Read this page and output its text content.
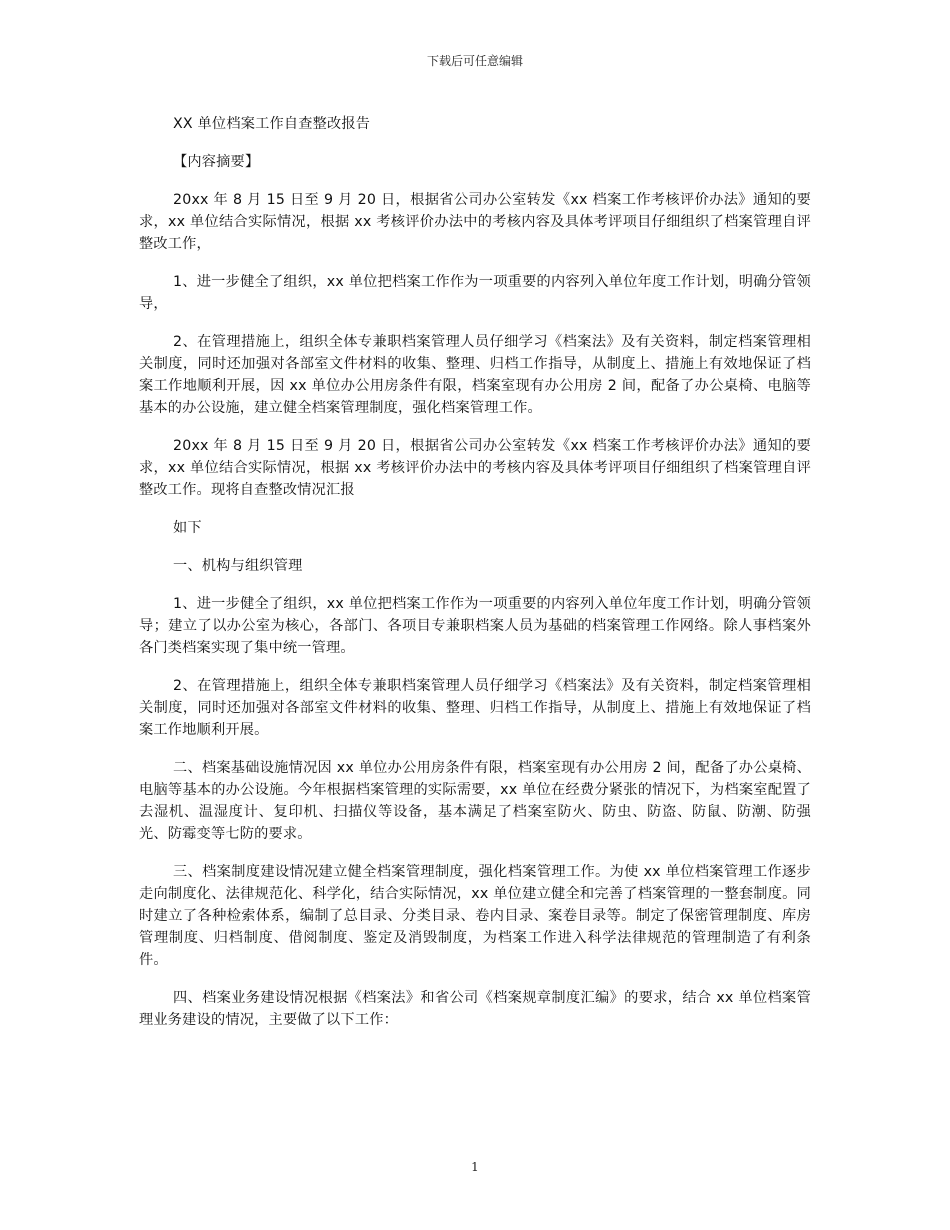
下载后可任意编辑
XX 单位档案工作自查整改报告
【内容摘要】
20xx 年 8 月 15 日至 9 月 20 日，根据省公司办公室转发《xx 档案工作考核评价办法》通知的要求，xx 单位结合实际情况，根据 xx 考核评价办法中的考核内容及具体考评项目仔细组织了档案管理自评整改工作，
1、进一步健全了组织，xx 单位把档案工作作为一项重要的内容列入单位年度工作计划，明确分管领导，
2、在管理措施上，组织全体专兼职档案管理人员仔细学习《档案法》及有关资料，制定档案管理相关制度，同时还加强对各部室文件材料的收集、整理、归档工作指导，从制度上、措施上有效地保证了档案工作地顺利开展，因 xx 单位办公用房条件有限，档案室现有办公用房 2 间，配备了办公桌椅、电脑等基本的办公设施，建立健全档案管理制度，强化档案管理工作。
20xx 年 8 月 15 日至 9 月 20 日，根据省公司办公室转发《xx 档案工作考核评价办法》通知的要求，xx 单位结合实际情况，根据 xx 考核评价办法中的考核内容及具体考评项目仔细组织了档案管理自评整改工作。现将自查整改情况汇报
如下
一、机构与组织管理
1、进一步健全了组织，xx 单位把档案工作作为一项重要的内容列入单位年度工作计划，明确分管领导；建立了以办公室为核心，各部门、各项目专兼职档案人员为基础的档案管理工作网络。除人事档案外各门类档案实现了集中统一管理。
2、在管理措施上，组织全体专兼职档案管理人员仔细学习《档案法》及有关资料，制定档案管理相关制度，同时还加强对各部室文件材料的收集、整理、归档工作指导，从制度上、措施上有效地保证了档案工作地顺利开展。
二、档案基础设施情况因 xx 单位办公用房条件有限，档案室现有办公用房 2 间，配备了办公桌椅、电脑等基本的办公设施。今年根据档案管理的实际需要，xx 单位在经费分紧张的情况下，为档案室配置了去湿机、温湿度计、复印机、扫描仪等设备，基本满足了档案室防火、防虫、防盗、防鼠、防潮、防强光、防霉变等七防的要求。
三、档案制度建设情况建立健全档案管理制度，强化档案管理工作。为使 xx 单位档案管理工作逐步走向制度化、法律规范化、科学化，结合实际情况，xx 单位建立健全和完善了档案管理的一整套制度。同时建立了各种检索体系，编制了总目录、分类目录、卷内目录、案卷目录等。制定了保密管理制度、库房管理制度、归档制度、借阅制度、鉴定及消毁制度，为档案工作进入科学法律规范的管理制造了有利条件。
四、档案业务建设情况根据《档案法》和省公司《档案规章制度汇编》的要求，结合 xx 单位档案管理业务建设的情况，主要做了以下工作：
1
